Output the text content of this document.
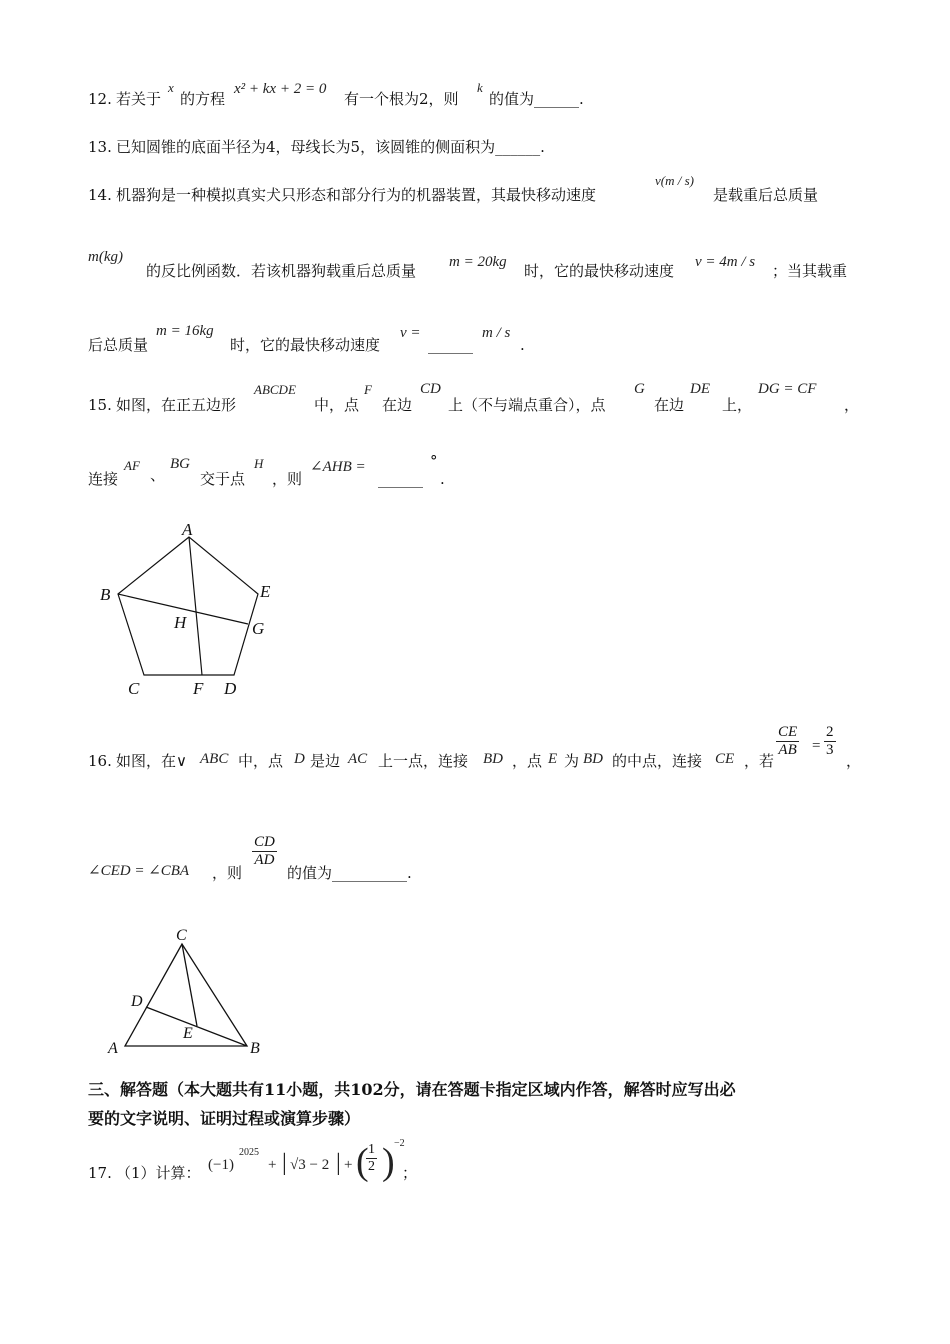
12. 若关于
x
的方程
x² + kx + 2 = 0
有一个根为2，则
k
的值为______.
13. 已知圆锥的底面半径为4，母线长为5，该圆锥的侧面积为______.
14. 机器狗是一种模拟真实犬只形态和部分行为的机器装置，其最快移动速度
v(m / s)
是载重后总质量
m(kg)
的反比例函数．若该机器狗载重后总质量 m = 20kg 时，它的最快移动速度 v = 4m / s ；当其载重
后总质量
m = 16kg
时，它的最快移动速度
v =
______
m / s
.
15. 如图，在正五边形
ABCDE
中，点
F
在边
CD
上（不与端点重合），点
G
在边
DE
上，
DG = CF
，
连接
AF
、
BG
交于点
H
，则
∠AHB =
______
°
.
A
B	E
H	G
C	F D
16. 如图，在∨ ABC 中，点 D 是边 AC 上一点，连接 BD ，点 E 为 BD 的中点，连接 CE ，若
$\frac{CE}{AB} = \frac{2}{3}$
，
∠CED = ∠CBA ，则
$\frac{CD}{AD}$
的值为__________.
C
D
E
A	B
三、解答题（本大题共有11小题，共102分，请在答题卡指定区域内作答，解答时应写出必
要的文字说明、证明过程或演算步骤）
17. （1）计算： (−1)
2025
+ | √3 − 2 | + (
$\frac{1}{2}$ ) −2
；
